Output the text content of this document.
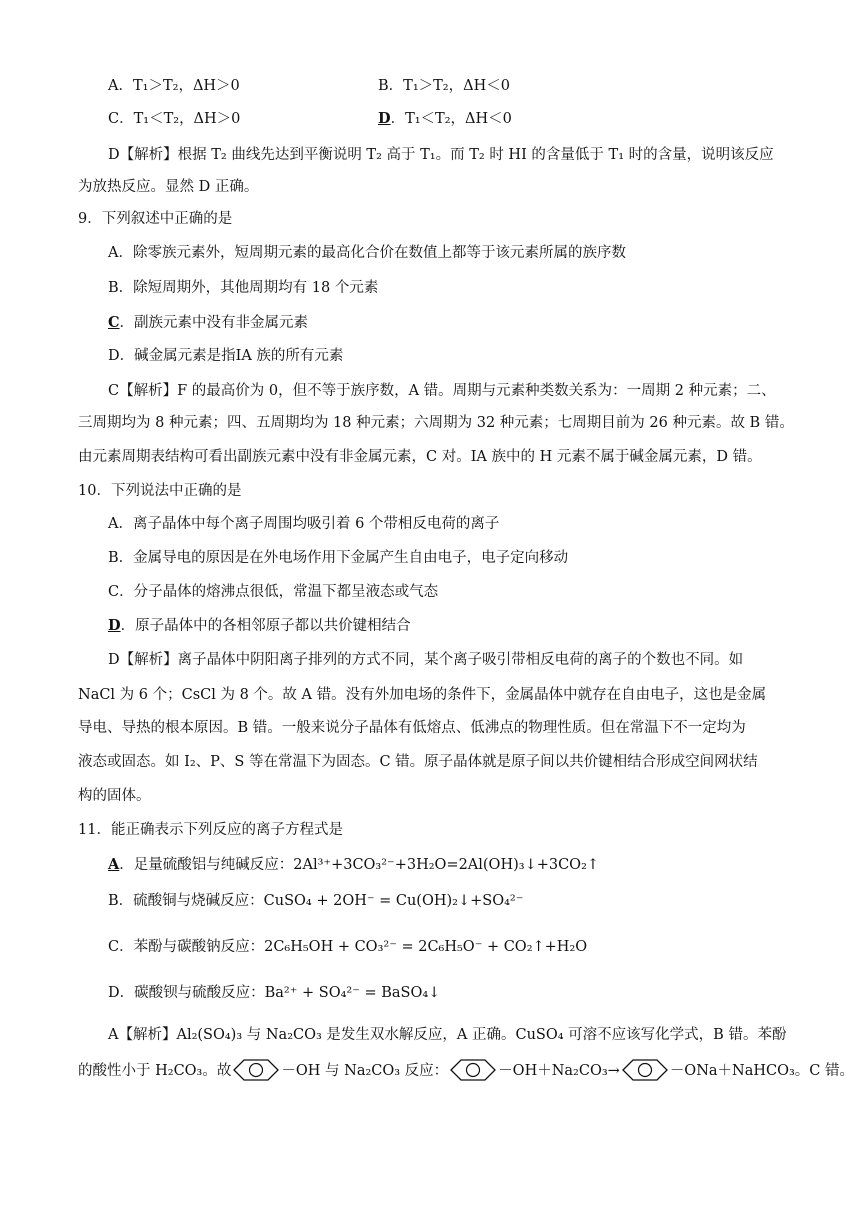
A．T₁＞T₂，ΔH＞0	B．T₁＞T₂，ΔH＜0
C．T₁＜T₂，ΔH＞0	D．T₁＜T₂，ΔH＜0
D【解析】根据 T₂ 曲线先达到平衡说明 T₂ 高于 T₁。而 T₂ 时 HI 的含量低于 T₁ 时的含量，说明该反应
为放热反应。显然 D 正确。
9．下列叙述中正确的是
A．除零族元素外，短周期元素的最高化合价在数值上都等于该元素所属的族序数
B．除短周期外，其他周期均有 18 个元素
C．副族元素中没有非金属元素
D．碱金属元素是指ⅠA 族的所有元素
C【解析】F 的最高价为 0，但不等于族序数，A 错。周期与元素种类数关系为：一周期 2 种元素；二、
三周期均为 8 种元素；四、五周期均为 18 种元素；六周期为 32 种元素；七周期目前为 26 种元素。故 B 错。
由元素周期表结构可看出副族元素中没有非金属元素，C 对。ⅠA 族中的 H 元素不属于碱金属元素，D 错。
10．下列说法中正确的是
A．离子晶体中每个离子周围均吸引着 6 个带相反电荷的离子
B．金属导电的原因是在外电场作用下金属产生自由电子，电子定向移动
C．分子晶体的熔沸点很低，常温下都呈液态或气态
D．原子晶体中的各相邻原子都以共价键相结合
D【解析】离子晶体中阴阳离子排列的方式不同，某个离子吸引带相反电荷的离子的个数也不同。如
NaCl 为 6 个；CsCl 为 8 个。故 A 错。没有外加电场的条件下，金属晶体中就存在自由电子，这也是金属
导电、导热的根本原因。B 错。一般来说分子晶体有低熔点、低沸点的物理性质。但在常温下不一定均为
液态或固态。如 I₂、P、S 等在常温下为固态。C 错。原子晶体就是原子间以共价键相结合形成空间网状结
构的固体。
11．能正确表示下列反应的离子方程式是
A．足量硫酸铝与纯碱反应：2Al³⁺+3CO₃²⁻+3H₂O=2Al(OH)₃↓+3CO₂↑
B．硫酸铜与烧碱反应：CuSO₄ + 2OH⁻ = Cu(OH)₂↓+SO₄²⁻
C．苯酚与碳酸钠反应：2C₆H₅OH + CO₃²⁻ = 2C₆H₅O⁻ + CO₂↑+H₂O
D．碳酸钡与硫酸反应：Ba²⁺ + SO₄²⁻ = BaSO₄↓
A【解析】Al₂(SO₄)₃ 与 Na₂CO₃ 是发生双水解反应，A 正确。CuSO₄ 可溶不应该写化学式，B 错。苯酚
的酸性小于 H₂CO₃。故	－OH 与 Na₂CO₃ 反应：	－OH＋Na₂CO₃→	－ONa＋NaHCO₃。C 错。
